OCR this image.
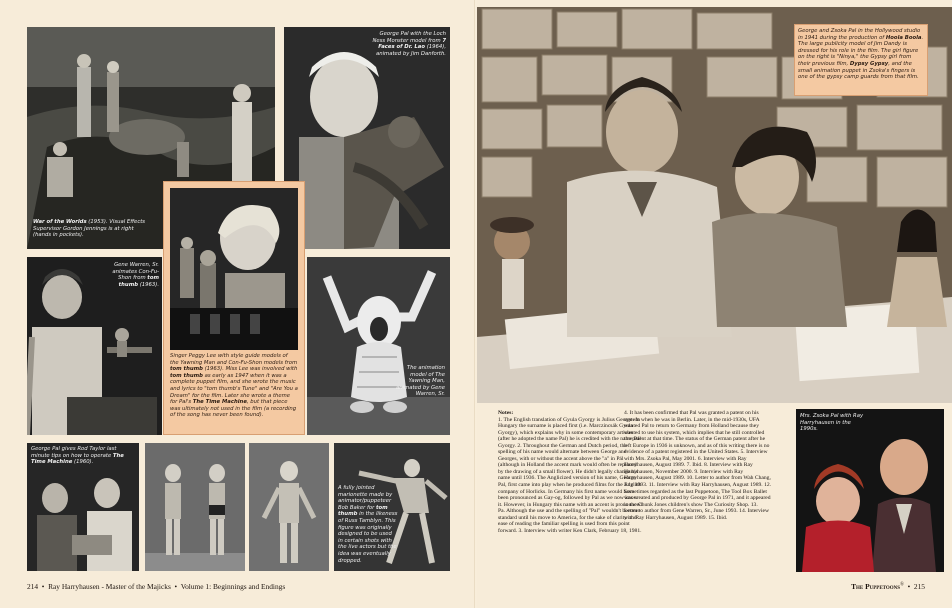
War of the Worlds (1953). Visual Effects Supervisor Gordon Jennings is at right (hands in pockets).
George Pal with the Loch Ness Monster model from 7 Faces of Dr. Lao (1964), animated by Jim Danforth.
Gene Warren, Sr. animates Con-Fu-Shon from tom thumb (1963).
Singer Peggy Lee with style guide models of the Yawning Man and Con-Fu-Shon models from tom thumb (1963). Miss Lee was involved with tom thumb as early as 1947 when it was a complete puppet film, and she wrote the music and lyrics to "tom thumb's Tune" and "Are You a Dream" for the film. Later she wrote a theme for Pal's The Time Machine, but that piece was ultimately not used in the film (a recording of the song has never been found).
The animation model of The Yawning Man, animated by Gene Warren, Sr.
George Pal gives Rod Taylor last minute tips on how to operate The Time Machine (1960).
A fully jointed marionette made by animator/puppeteer Bob Baker for tom thumb in the likeness of Russ Tamblyn. This figure was originally designed to be used in certain shots with the live actors but the idea was eventually dropped.
214 • Ray Harryhausen - Master of the Majicks • Volume 1: Beginnings and Endings
George and Zsoka Pal in the Hollywood studio in 1941 during the production of Hoola Boola. The large publicity model of Jim Dandy is dressed for his role in the film. The girl figure on the right is "Ninya," the Gypsy girl from their previous film, Dypsy Gypsy, and the small animation puppet in Zsoka's fingers is one of the gypsy camp guards from that film.
Notes:
1. The English translation of Gyula Gyorgy is Julius George. In Hungary the surname is placed first (i.e. Marczincsák Gyula Gyorgy), which explains why in some contemporary articles (after he adopted the name Pal) he is credited with the name Pál Gyorgy. 2. Throughout the German and Dutch period, the spelling of his name would alternate between George and Georges, with or without the accent above the "a" in Pál (although in Holland the accent mark would often be replaced by the drawing of a small flower). He didn't legally change his name until 1936. The Anglicized version of his name, George Pal, first came into play when he produced films for the English company of Horlicks. In Germany his first name would have been pronounced as Gay-og, followed by Pal as we now know it. However, in Hungary this name with an accent is pronounced Pa. Although the use and the spelling of "Pal" wouldn't become standard until his move to America, for the sake of clarity and ease of reading the familiar spelling is used from this point forward. 3. Interview with writer Ken Clark, February 18, 1981.
4. It has been confirmed that Pal was granted a patent on his system when he was in Berlin. Later, in the mid-1930s, UFA wanted Pal to return to Germany from Holland because they wanted to use his system, which implies that he still controlled the patent at that time. The status of the German patent after he left Europe in 1936 is unknown, and as of this writing there is no evidence of a patent registered in the United States. 5. Interview with Mrs. Zsoka Pal, May 2001. 6. Interview with Ray Harryhausen, August 1989. 7. Ibid. 8. Interview with Ray Harryhausen, November 2000. 9. Interview with Ray Harryhausen, August 1989. 10. Letter to author from Wah Chang, July 1993. 11. Interview with Ray Harryhausen, August 1989. 12. Sometimes regarded as the last Puppetoon, The Tool Box Ballet was created and produced by George Pal in 1971, and it appeared in the Chunk Jones children's show The Curiosity Shop. 13. Letter to author from Gene Warren, Sr., June 1993. 14. Interview with Ray Harryhausen, August 1989. 15. Ibid.
Mrs. Zsoka Pal with Ray Harryhausen in the 1990s.
The Puppetoons® • 215
